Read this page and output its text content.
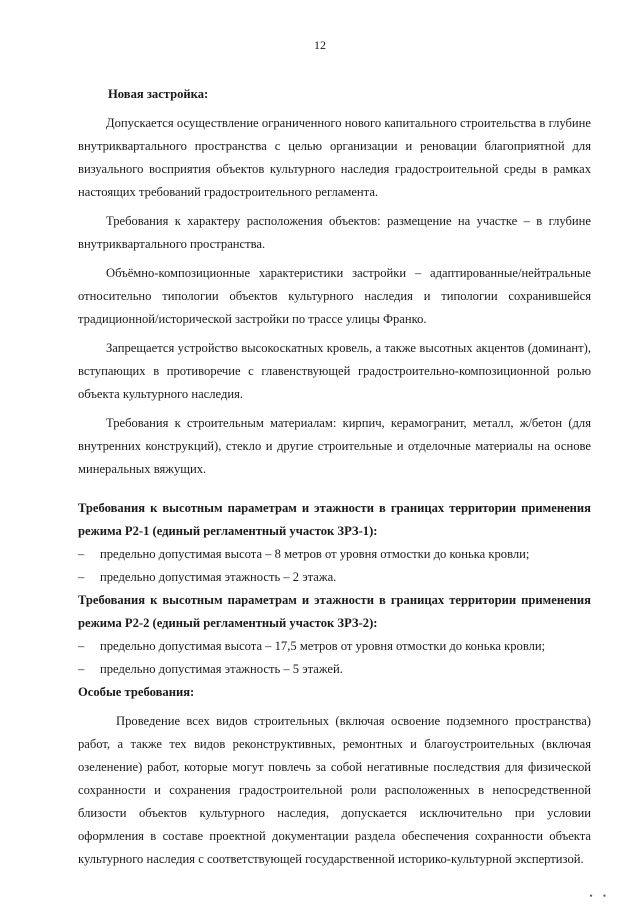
12

Новая застройка:

Допускается осуществление ограниченного нового капитального строительства в глубине внутриквартального пространства с целью организации и реновации благоприятной для визуального восприятия объектов культурного наследия градостроительной среды в рамках настоящих требований градостроительного регламента.

Требования к характеру расположения объектов: размещение на участке – в глубине внутриквартального пространства.

Объёмно-композиционные характеристики застройки – адаптированные/нейтральные относительно типологии объектов культурного наследия и типологии сохранившейся традиционной/исторической застройки по трассе улицы Франко.

Запрещается устройство высокоскатных кровель, а также высотных акцентов (доминант), вступающих в противоречие с главенствующей градостроительно-композиционной ролью объекта культурного наследия.

Требования к строительным материалам: кирпич, керамогранит, металл, ж/бетон (для внутренних конструкций), стекло и другие строительные и отделочные материалы на основе минеральных вяжущих.

Требования к высотным параметрам и этажности в границах территории применения режима Р2-1 (единый регламентный участок ЗРЗ-1):

– предельно допустимая высота – 8 метров от уровня отмостки до конька кровли;
– предельно допустимая этажность – 2 этажа.

Требования к высотным параметрам и этажности в границах территории применения режима Р2-2 (единый регламентный участок ЗРЗ-2):

– предельно допустимая высота – 17,5 метров от уровня отмостки до конька кровли;
– предельно допустимая этажность – 5 этажей.

Особые требования:

Проведение всех видов строительных (включая освоение подземного пространства) работ, а также тех видов реконструктивных, ремонтных и благоустроительных (включая озеленение) работ, которые могут повлечь за собой негативные последствия для физической сохранности и сохранения градостроительной роли расположенных в непосредственной близости объектов культурного наследия, допускается исключительно при условии оформления в составе проектной документации раздела обеспечения сохранности объекта культурного наследия с соответствующей государственной историко-культурной экспертизой.

• •
